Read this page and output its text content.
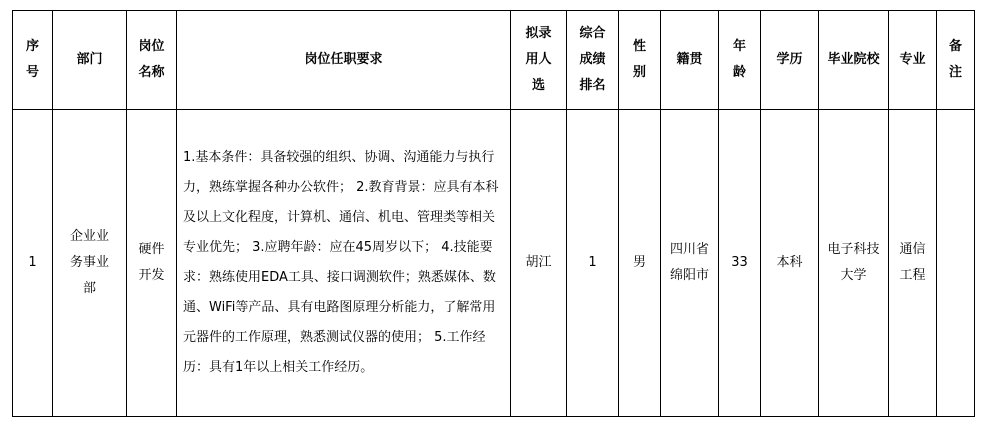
序号	部门	岗位名称	岗位任职要求	拟录用人选	综合成绩排名	性别	籍贯	年龄	学历	毕业院校	专业	备注

1	企业业务事业部	硬件开发	1.基本条件：具备较强的组织、协调、沟通能力与执行力，熟练掌握各种办公软件； 2.教育背景：应具有本科及以上文化程度，计算机、通信、机电、管理类等相关专业优先； 3.应聘年龄：应在45周岁以下； 4.技能要求：熟练使用EDA工具、接口调测软件；熟悉媒体、数通、WiFi等产品、具有电路图原理分析能力，了解常用元器件的工作原理，熟悉测试仪器的使用； 5.工作经历：具有1年以上相关工作经历。	胡江	1	男	四川省绵阳市	33	本科	电子科技大学	通信工程	
